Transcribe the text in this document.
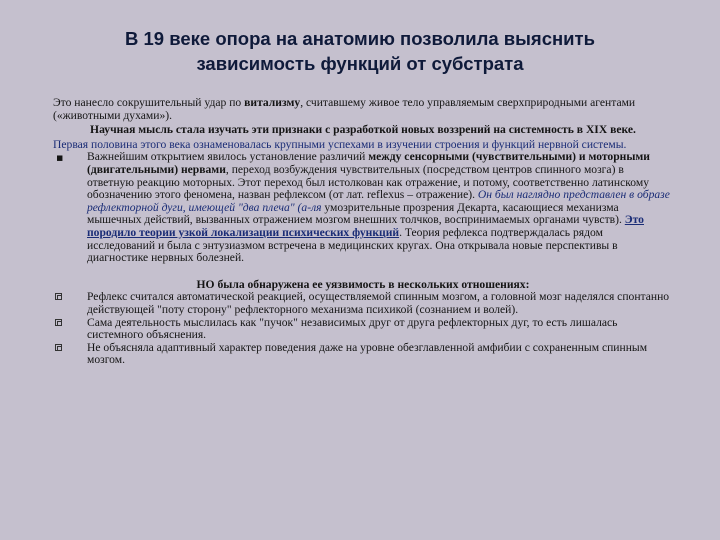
В 19 веке опора на анатомию позволила выяснить
зависимость функций от субстрата

Это нанесло сокрушительный удар по витализму, считавшему живое тело управляемым сверхприродными агентами («животными духами»).

Научная мысль стала изучать эти признаки с разработкой новых воззрений на системность в XIX веке.

Первая половина этого века ознаменовалась крупными успехами в изучении строения и функций нервной системы.

▪ Важнейшим открытием явилось установление различий между сенсорными (чувствительными) и моторными (двигательными) нервами, переход возбуждения чувствительных (посредством центров спинного мозга) в ответную реакцию моторных. Этот переход был истолкован как отражение, и потому, соответственно латинскому обозначению этого феномена, назван рефлексом (от лат. reflexus – отражение). Он был наглядно представлен в образе рефлекторной дуги, имеющей "два плеча" (а-ля умозрительные прозрения Декарта, касающиеся механизма мышечных действий, вызванных отражением мозгом внешних толчков, воспринимаемых органами чувств). Это породило теории узкой локализации психических функций. Теория рефлекса подтверждалась рядом исследований и была с энтузиазмом встречена в медицинских кругах. Она открывала новые перспективы в диагностике нервных болезней.

НО была обнаружена ее уязвимость в нескольких отношениях:

Рефлекс считался автоматической реакцией, осуществляемой спинным мозгом, а головной мозг наделялся спонтанно действующей "поту сторону" рефлекторного механизма психикой (сознанием и волей).
Сама деятельность мыслилась как "пучок" независимых друг от друга рефлекторных дуг, то есть лишалась системного объяснения.
Не объясняла адаптивный характер поведения даже на уровне обезглавленной амфибии с сохраненным спинным мозгом.
